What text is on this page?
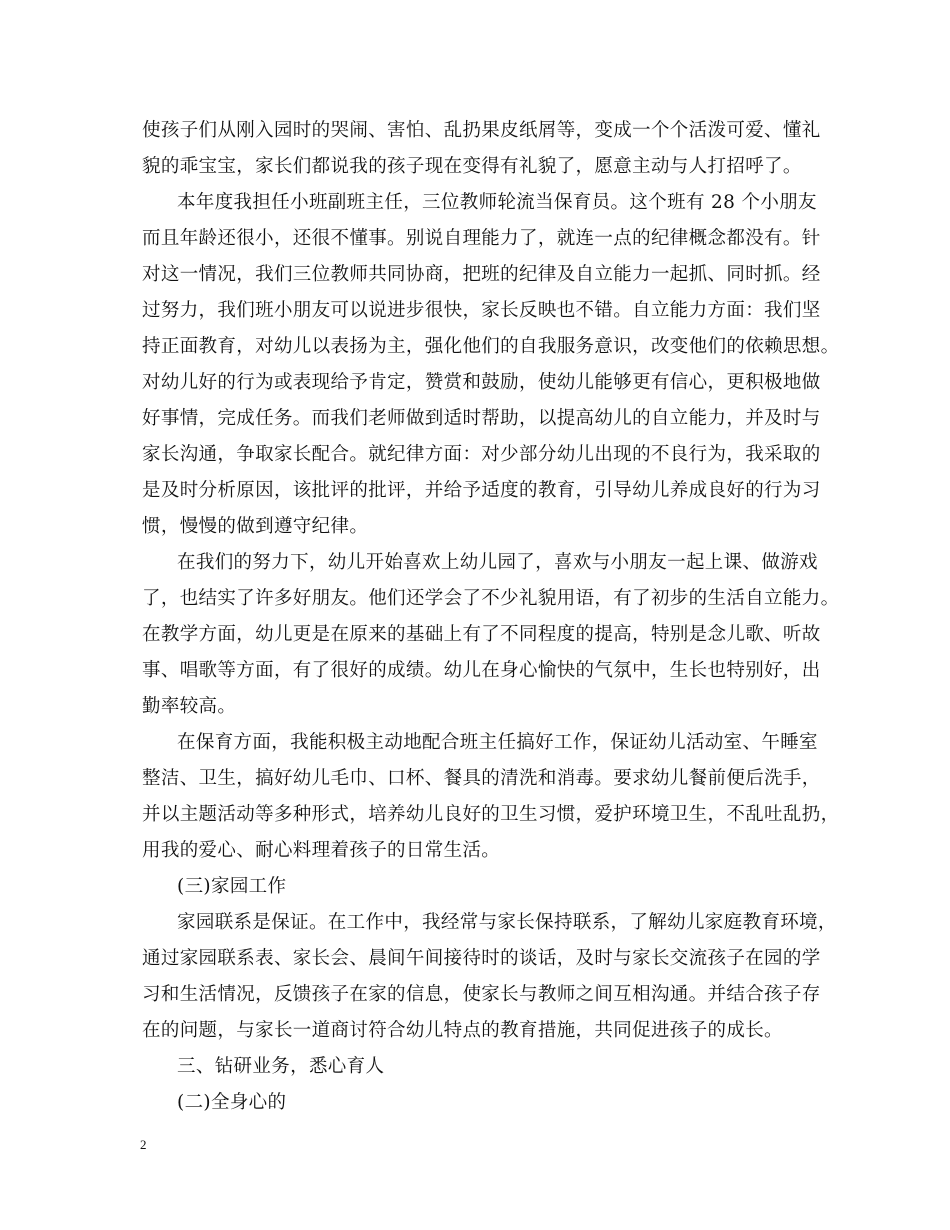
使孩子们从刚入园时的哭闹、害怕、乱扔果皮纸屑等，变成一个个活泼可爱、懂礼
貌的乖宝宝，家长们都说我的孩子现在变得有礼貌了，愿意主动与人打招呼了。
本年度我担任小班副班主任，三位教师轮流当保育员。这个班有 28 个小朋友
而且年龄还很小，还很不懂事。别说自理能力了，就连一点的纪律概念都没有。针
对这一情况，我们三位教师共同协商，把班的纪律及自立能力一起抓、同时抓。经
过努力，我们班小朋友可以说进步很快，家长反映也不错。自立能力方面：我们坚
持正面教育，对幼儿以表扬为主，强化他们的自我服务意识，改变他们的依赖思想。
对幼儿好的行为或表现给予肯定，赞赏和鼓励，使幼儿能够更有信心，更积极地做
好事情，完成任务。而我们老师做到适时帮助，以提高幼儿的自立能力，并及时与
家长沟通，争取家长配合。就纪律方面：对少部分幼儿出现的不良行为，我采取的
是及时分析原因，该批评的批评，并给予适度的教育，引导幼儿养成良好的行为习
惯，慢慢的做到遵守纪律。
在我们的努力下，幼儿开始喜欢上幼儿园了，喜欢与小朋友一起上课、做游戏
了，也结实了许多好朋友。他们还学会了不少礼貌用语，有了初步的生活自立能力。
在教学方面，幼儿更是在原来的基础上有了不同程度的提高，特别是念儿歌、听故
事、唱歌等方面，有了很好的成绩。幼儿在身心愉快的气氛中，生长也特别好，出
勤率较高。
在保育方面，我能积极主动地配合班主任搞好工作，保证幼儿活动室、午睡室
整洁、卫生，搞好幼儿毛巾、口杯、餐具的清洗和消毒。要求幼儿餐前便后洗手，
并以主题活动等多种形式，培养幼儿良好的卫生习惯，爱护环境卫生，不乱吐乱扔，
用我的爱心、耐心料理着孩子的日常生活。
(三)家园工作
家园联系是保证。在工作中，我经常与家长保持联系，了解幼儿家庭教育环境，
通过家园联系表、家长会、晨间午间接待时的谈话，及时与家长交流孩子在园的学
习和生活情况，反馈孩子在家的信息，使家长与教师之间互相沟通。并结合孩子存
在的问题，与家长一道商讨符合幼儿特点的教育措施，共同促进孩子的成长。
三、钻研业务，悉心育人
(二)全身心的
2
